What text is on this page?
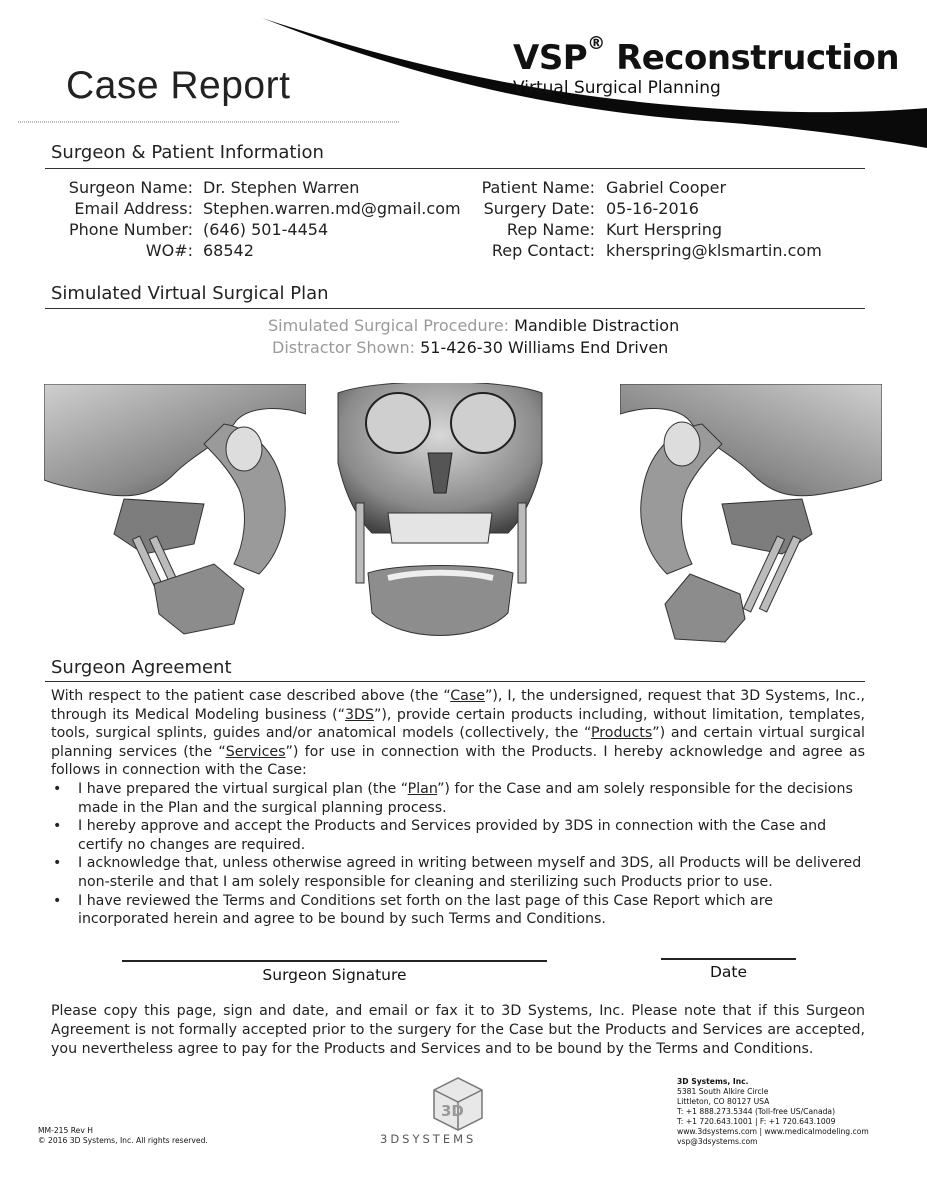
Case Report
VSP® Reconstruction
Virtual Surgical Planning
Surgeon & Patient Information
Surgeon Name: Dr. Stephen Warren
Email Address: Stephen.warren.md@gmail.com
Phone Number: (646) 501-4454
WO#: 68542
Patient Name: Gabriel Cooper
Surgery Date: 05-16-2016
Rep Name: Kurt Herspring
Rep Contact: kherspring@klsmartin.com
Simulated Virtual Surgical Plan
Simulated Surgical Procedure: Mandible Distraction
Distractor Shown: 51-426-30 Williams End Driven
Surgeon Agreement
With respect to the patient case described above (the “Case”), I, the undersigned, request that 3D Systems, Inc., through its Medical Modeling business (“3DS”), provide certain products including, without limitation, templates, tools, surgical splints, guides and/or anatomical models (collectively, the “Products”) and certain virtual surgical planning services (the “Services”) for use in connection with the Products. I hereby acknowledge and agree as follows in connection with the Case:
• I have prepared the virtual surgical plan (the “Plan”) for the Case and am solely responsible for the decisions made in the Plan and the surgical planning process.
• I hereby approve and accept the Products and Services provided by 3DS in connection with the Case and certify no changes are required.
• I acknowledge that, unless otherwise agreed in writing between myself and 3DS, all Products will be delivered non-sterile and that I am solely responsible for cleaning and sterilizing such Products prior to use.
• I have reviewed the Terms and Conditions set forth on the last page of this Case Report which are incorporated herein and agree to be bound by such Terms and Conditions.
Surgeon Signature	Date
Please copy this page, sign and date, and email or fax it to 3D Systems, Inc. Please note that if this Surgeon Agreement is not formally accepted prior to the surgery for the Case but the Products and Services are accepted, you nevertheless agree to pay for the Products and Services and to be bound by the Terms and Conditions.
MM-215 Rev H
© 2016 3D Systems, Inc. All rights reserved.
3D
3DSYSTEMS
3D Systems, Inc.
5381 South Alkire Circle
Littleton, CO 80127 USA
T: +1 888.273.5344 (Toll-free US/Canada)
T: +1 720.643.1001 | F: +1 720.643.1009
www.3dsystems.com | www.medicalmodeling.com
vsp@3dsystems.com
